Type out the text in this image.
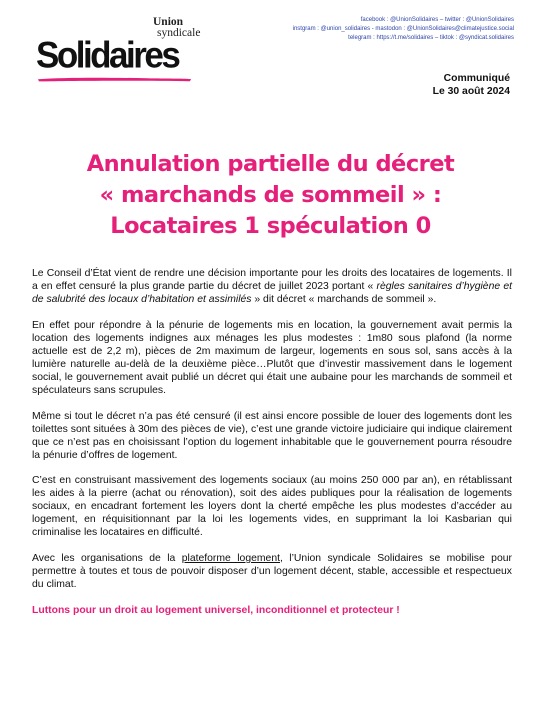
Union
syndicale
Solidaires
facebook : @UnionSolidaires – twitter : @UnionSolidaires
instgram : @union_solidaires - mastodon : @UnionSolidaires@climatejustice.social
telegram : https://t.me/solidaires – tiktok : @syndicat.solidaires
Communiqué
Le 30 août 2024
Annulation partielle du décret
« marchands de sommeil » :
Locataires 1 spéculation 0

Le Conseil d’État vient de rendre une décision importante pour les droits des locataires de logements. Il a en effet censuré la plus grande partie du décret de juillet 2023 portant « règles sanitaires d’hygiène et de salubrité des locaux d’habitation et assimilés » dit décret « marchands de sommeil ».

En effet pour répondre à la pénurie de logements mis en location, la gouvernement avait permis la location des logements indignes aux ménages les plus modestes : 1m80 sous plafond (la norme actuelle est de 2,2 m), pièces de 2m maximum de largeur, logements en sous sol, sans accès à la lumière naturelle au-delà de la deuxième pièce…Plutôt que d’investir massivement dans le logement social, le gouvernement avait publié un décret qui était une aubaine pour les marchands de sommeil et spéculateurs sans scrupules.

Même si tout le décret n’a pas été censuré (il est ainsi encore possible de louer des logements dont les toilettes sont situées à 30m des pièces de vie), c’est une grande victoire judiciaire qui indique clairement que ce n’est pas en choisissant l’option du logement inhabitable que le gouvernement pourra résoudre la pénurie d’offres de logement.

C’est en construisant massivement des logements sociaux (au moins 250 000 par an), en rétablissant les aides à la pierre (achat ou rénovation), soit des aides publiques pour la réalisation de logements sociaux, en encadrant fortement les loyers dont la cherté empêche les plus modestes d’accéder au logement, en réquisitionnant par la loi les logements vides, en supprimant la loi Kasbarian qui criminalise les locataires en difficulté.

Avec les organisations de la plateforme logement, l’Union syndicale Solidaires se mobilise pour permettre à toutes et tous de pouvoir disposer d’un logement décent, stable, accessible et respectueux du climat.

Luttons pour un droit au logement universel, inconditionnel et protecteur !
